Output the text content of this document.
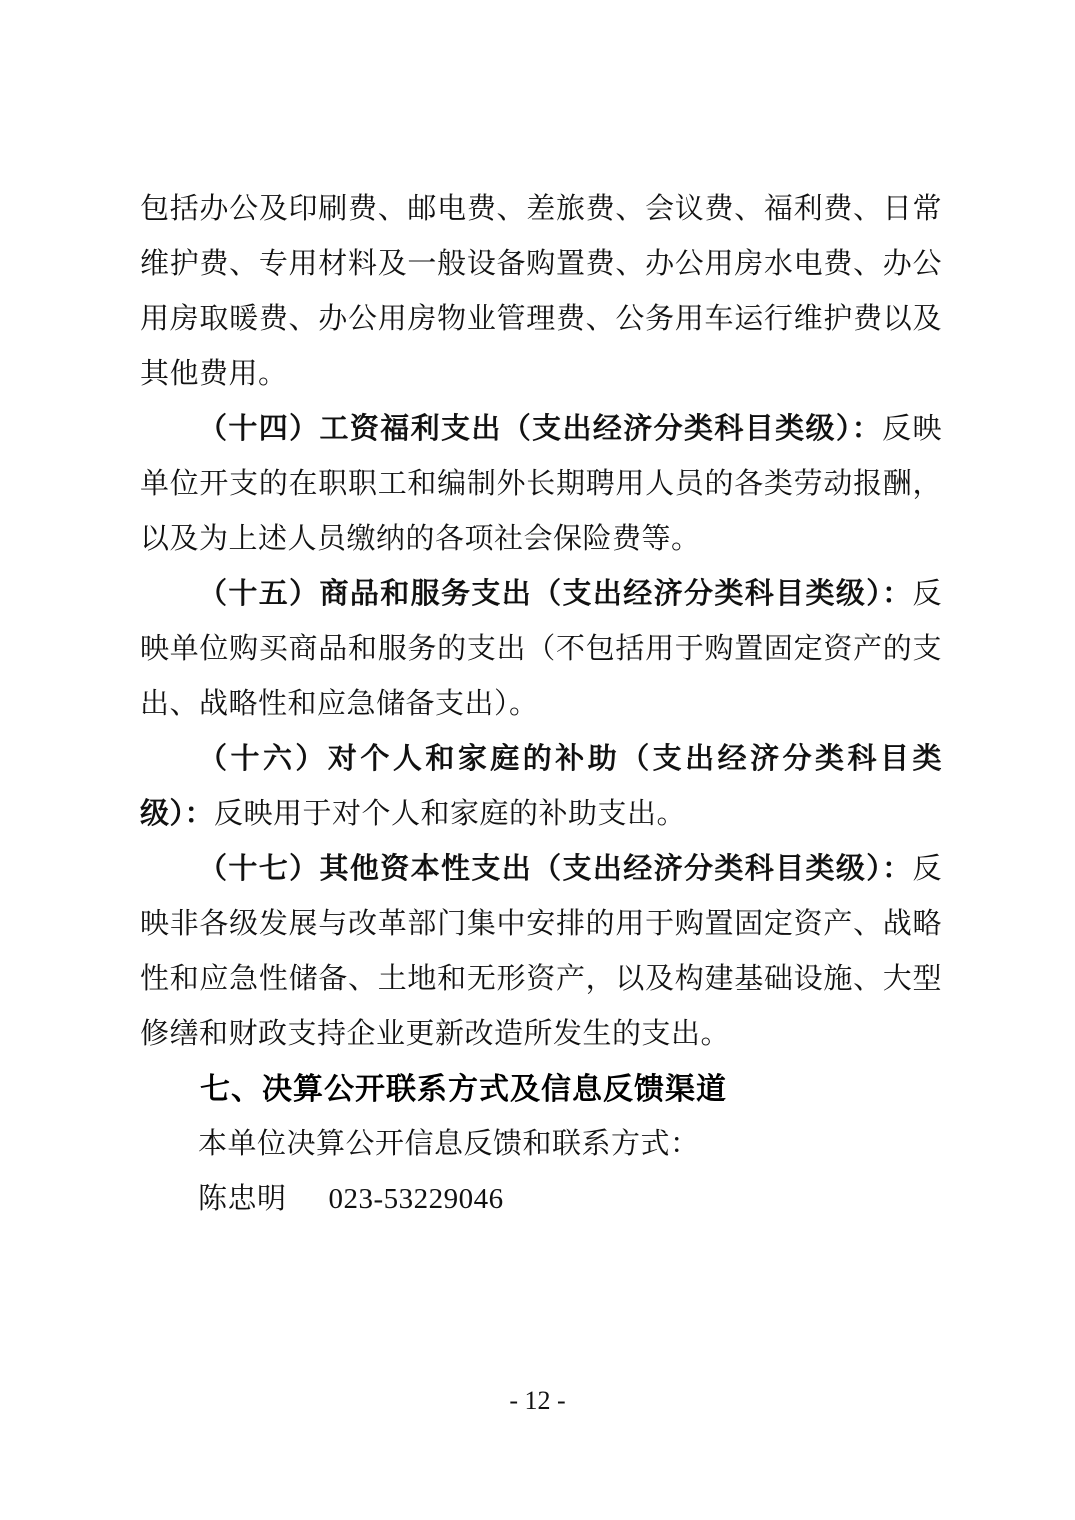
包括办公及印刷费、邮电费、差旅费、会议费、福利费、日常维护费、专用材料及一般设备购置费、办公用房水电费、办公用房取暖费、办公用房物业管理费、公务用车运行维护费以及其他费用。

（十四）工资福利支出（支出经济分类科目类级）：反映单位开支的在职职工和编制外长期聘用人员的各类劳动报酬，以及为上述人员缴纳的各项社会保险费等。

（十五）商品和服务支出（支出经济分类科目类级）：反映单位购买商品和服务的支出（不包括用于购置固定资产的支出、战略性和应急储备支出）。

（十六）对个人和家庭的补助（支出经济分类科目类级）：反映用于对个人和家庭的补助支出。

（十七）其他资本性支出（支出经济分类科目类级）：反映非各级发展与改革部门集中安排的用于购置固定资产、战略性和应急性储备、土地和无形资产，以及构建基础设施、大型修缮和财政支持企业更新改造所发生的支出。

七、决算公开联系方式及信息反馈渠道

本单位决算公开信息反馈和联系方式：

陈忠明 023-53229046

- 12 -
